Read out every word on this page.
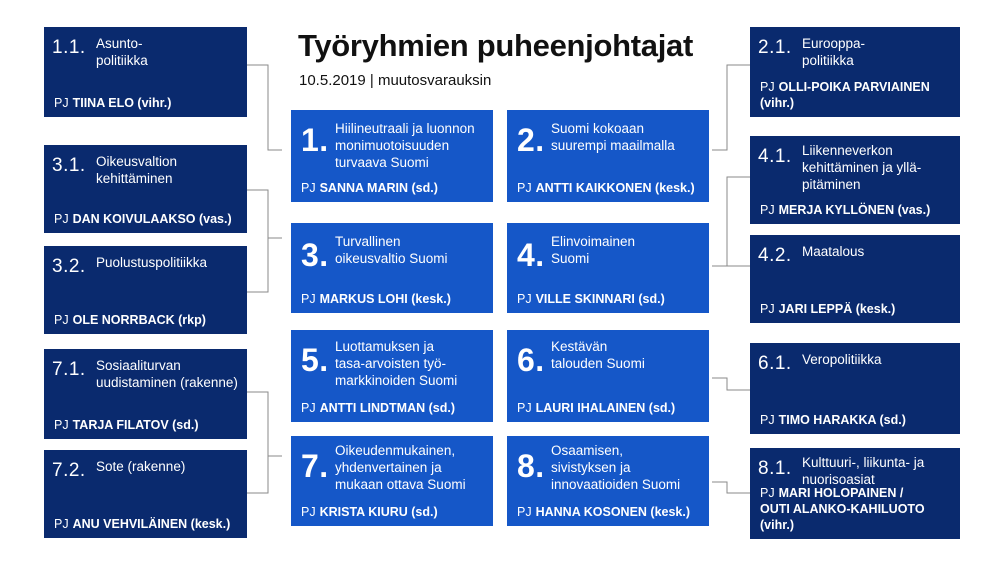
Työryhmien puheenjohtajat
10.5.2019 | muutosvarauksin
1.1. Asunto-
politiikka
PJ TIINA ELO (vihr.)
3.1. Oikeusvaltion
kehittäminen
PJ DAN KOIVULAAKSO (vas.)
3.2. Puolustuspolitiikka
PJ OLE NORRBACK (rkp)
7.1. Sosiaaliturvan
uudistaminen (rakenne)
PJ TARJA FILATOV (sd.)
7.2. Sote (rakenne)
PJ ANU VEHVILÄINEN (kesk.)
1. Hiilineutraali ja luonnon
monimuotoisuuden
turvaava Suomi
PJ SANNA MARIN (sd.)
2. Suomi kokoaan
suurempi maailmalla
PJ ANTTI KAIKKONEN (kesk.)
3. Turvallinen
oikeusvaltio Suomi
PJ MARKUS LOHI (kesk.)
4. Elinvoimainen
Suomi
PJ VILLE SKINNARI (sd.)
5. Luottamuksen ja
tasa-arvoisten työ-
markkinoiden Suomi
PJ ANTTI LINDTMAN (sd.)
6. Kestävän
talouden Suomi
PJ LAURI IHALAINEN (sd.)
7. Oikeudenmukainen,
yhdenvertainen ja
mukaan ottava Suomi
PJ KRISTA KIURU (sd.)
8. Osaamisen,
sivistyksen ja
innovaatioiden Suomi
PJ HANNA KOSONEN (kesk.)
2.1. Eurooppa-
politiikka
PJ OLLI-POIKA PARVIAINEN (vihr.)
4.1. Liikenneverkon
kehittäminen ja yllä-
pitäminen
PJ MERJA KYLLÖNEN (vas.)
4.2. Maatalous
PJ JARI LEPPÄ (kesk.)
6.1. Veropolitiikka
PJ TIMO HARAKKA (sd.)
8.1. Kulttuuri-, liikunta- ja
nuorisoasiat
PJ MARI HOLOPAINEN /
OUTI ALANKO-KAHILUOTO (vihr.)
